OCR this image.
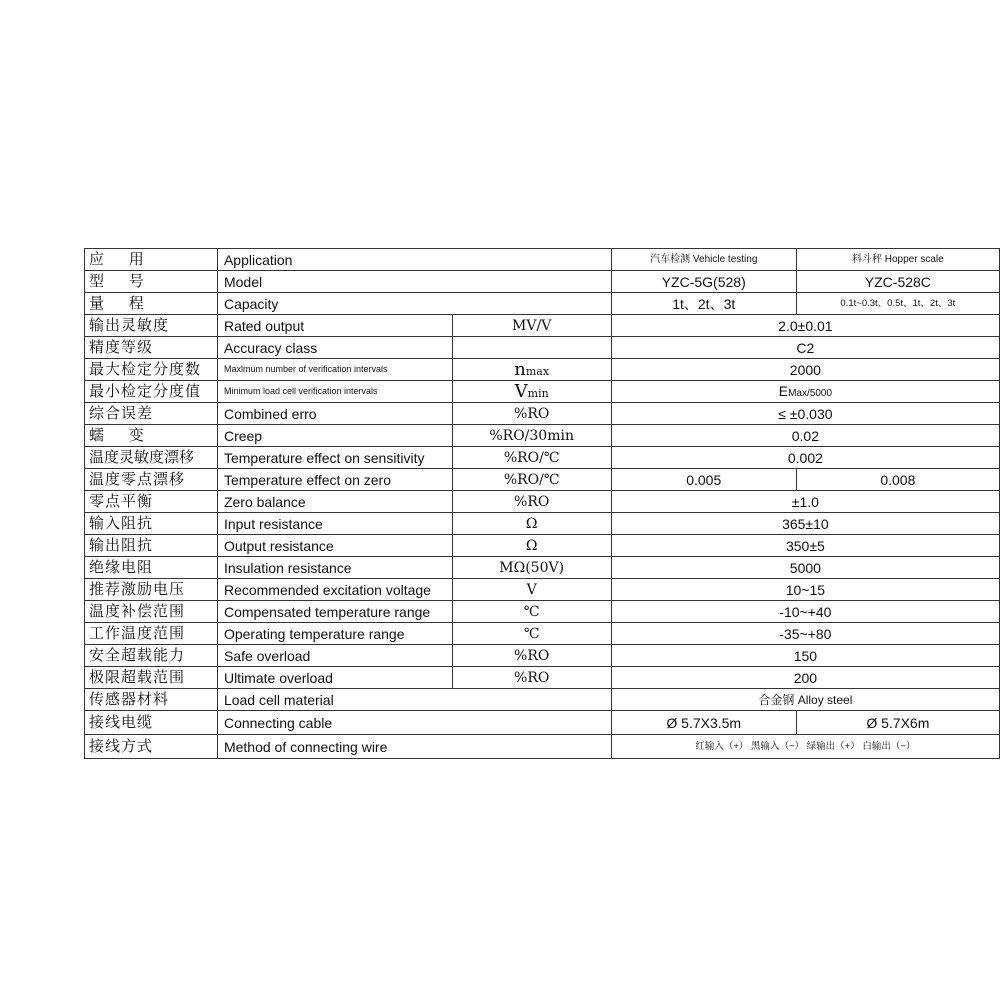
应 用	Application		汽车检测 Vehicle testing	料斗秤 Hopper scale
型 号	Model		YZC-5G(528)	YZC-528C
量 程	Capacity		1t、2t、3t	0.1t~0.3t、0.5t、1t、2t、3t
输出灵敏度	Rated output	MV/V	2.0±0.01	
精度等级	Accuracy class		C2	
最大检定分度数	Maxlmum number of verification intervals	nmax	2000	
最小检定分度值	Minimum load cell verification intervals	Vmin	EMax/5000	
综合误差	Combined erro	%RO	≤ ±0.030	
蠕 变	Creep	%RO/30min	0.02	
温度灵敏度漂移	Temperature effect on sensitivity	%RO/℃	0.002	
温度零点漂移	Temperature effect on zero	%RO/℃	0.005	0.008
零点平衡	Zero balance	%RO	±1.0	
输入阻抗	Input resistance	Ω	365±10	
输出阻抗	Output resistance	Ω	350±5	
绝缘电阻	Insulation resistance	MΩ(50V)	5000	
推荐激励电压	Recommended excitation voltage	V	10~15	
温度补偿范围	Compensated temperature range	℃	-10~+40	
工作温度范围	Operating temperature range	℃	-35~+80	
安全超载能力	Safe overload	%RO	150	
极限超载范围	Ultimate overload	%RO	200	
传感器材料	Load cell material		合金钢 Alloy steel	
接线电缆	Connecting cable		Ø 5.7X3.5m	Ø 5.7X6m
接线方式	Method of connecting wire		红输入（+） 黑输入（−） 绿输出（+） 白输出（−）	
